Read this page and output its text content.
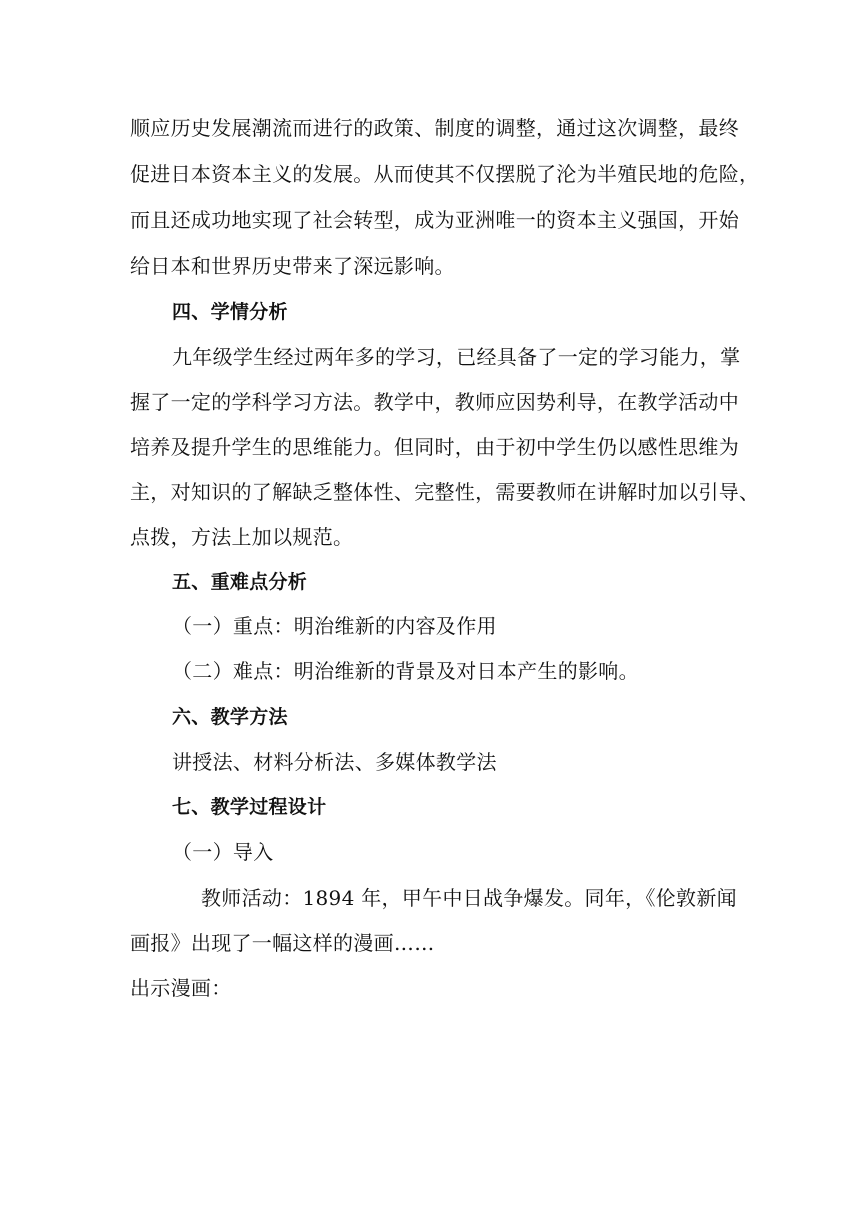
顺应历史发展潮流而进行的政策、制度的调整，通过这次调整，最终
促进日本资本主义的发展。从而使其不仅摆脱了沦为半殖民地的危险，
而且还成功地实现了社会转型，成为亚洲唯一的资本主义强国，开始
给日本和世界历史带来了深远影响。
四、学情分析
九年级学生经过两年多的学习，已经具备了一定的学习能力，掌
握了一定的学科学习方法。教学中，教师应因势利导，在教学活动中
培养及提升学生的思维能力。但同时，由于初中学生仍以感性思维为
主，对知识的了解缺乏整体性、完整性，需要教师在讲解时加以引导、
点拨，方法上加以规范。
五、重难点分析
（一）重点：明治维新的内容及作用
（二）难点：明治维新的背景及对日本产生的影响。
六、教学方法
讲授法、材料分析法、多媒体教学法
七、教学过程设计
（一）导入
教师活动：1894 年，甲午中日战争爆发。同年，《伦敦新闻
画报》出现了一幅这样的漫画……
出示漫画：
